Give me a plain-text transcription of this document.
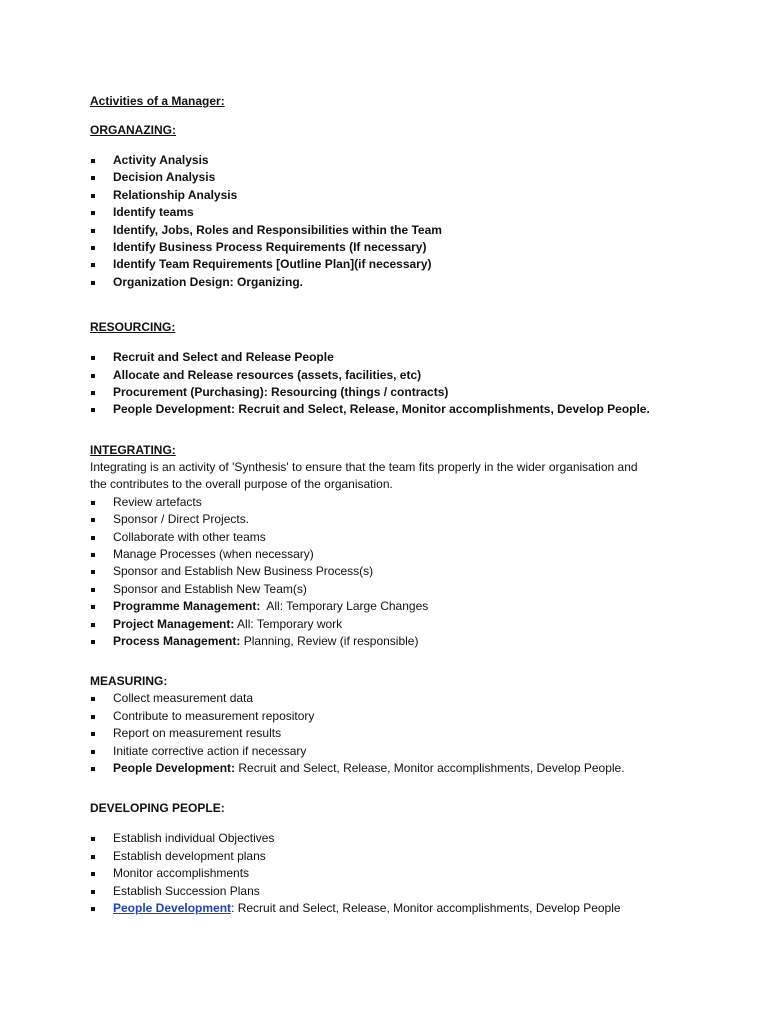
Activities of a Manager:
ORGANAZING:
Activity Analysis
Decision Analysis
Relationship Analysis
Identify teams
Identify, Jobs, Roles and Responsibilities within the Team
Identify Business Process Requirements (If necessary)
Identify Team Requirements [Outline Plan](if necessary)
Organization Design: Organizing.
RESOURCING:
Recruit and Select and Release People
Allocate and Release resources (assets, facilities, etc)
Procurement (Purchasing): Resourcing (things / contracts)
People Development: Recruit and Select, Release, Monitor accomplishments, Develop People.
INTEGRATING:
Integrating is an activity of 'Synthesis' to ensure that the team fits properly in the wider organisation and
the contributes to the overall purpose of the organisation.
Review artefacts
Sponsor / Direct Projects.
Collaborate with other teams
Manage Processes (when necessary)
Sponsor and Establish New Business Process(s)
Sponsor and Establish New Team(s)
Programme Management:  All: Temporary Large Changes
Project Management: All: Temporary work
Process Management: Planning, Review (if responsible)
MEASURING:
Collect measurement data
Contribute to measurement repository
Report on measurement results
Initiate corrective action if necessary
People Development: Recruit and Select, Release, Monitor accomplishments, Develop People.
DEVELOPING PEOPLE:
Establish individual Objectives
Establish development plans
Monitor accomplishments
Establish Succession Plans
People Development: Recruit and Select, Release, Monitor accomplishments, Develop People
